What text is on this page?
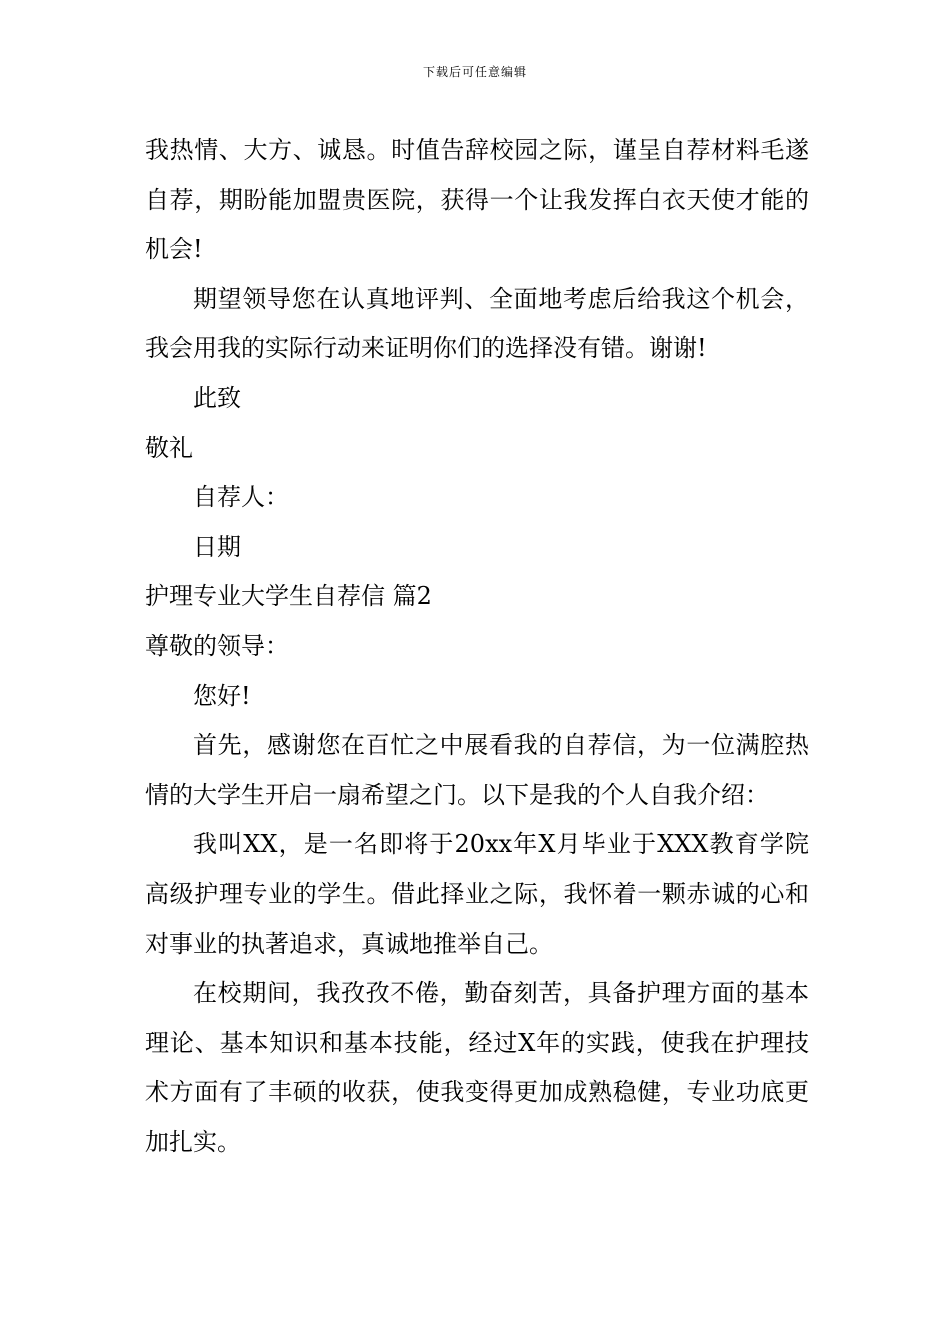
下载后可任意编辑

我热情、大方、诚恳。时值告辞校园之际，谨呈自荐材料毛遂自荐，期盼能加盟贵医院，获得一个让我发挥白衣天使才能的机会!

期望领导您在认真地评判、全面地考虑后给我这个机会，我会用我的实际行动来证明你们的选择没有错。谢谢!

此致

敬礼

自荐人：

日期

护理专业大学生自荐信 篇2

尊敬的领导：

您好!

首先，感谢您在百忙之中展看我的自荐信，为一位满腔热情的大学生开启一扇希望之门。以下是我的个人自我介绍：

我叫XX，是一名即将于20xx年X月毕业于XXX教育学院高级护理专业的学生。借此择业之际，我怀着一颗赤诚的心和对事业的执著追求，真诚地推举自己。

在校期间，我孜孜不倦，勤奋刻苦，具备护理方面的基本理论、基本知识和基本技能，经过X年的实践，使我在护理技术方面有了丰硕的收获，使我变得更加成熟稳健，专业功底更加扎实。
